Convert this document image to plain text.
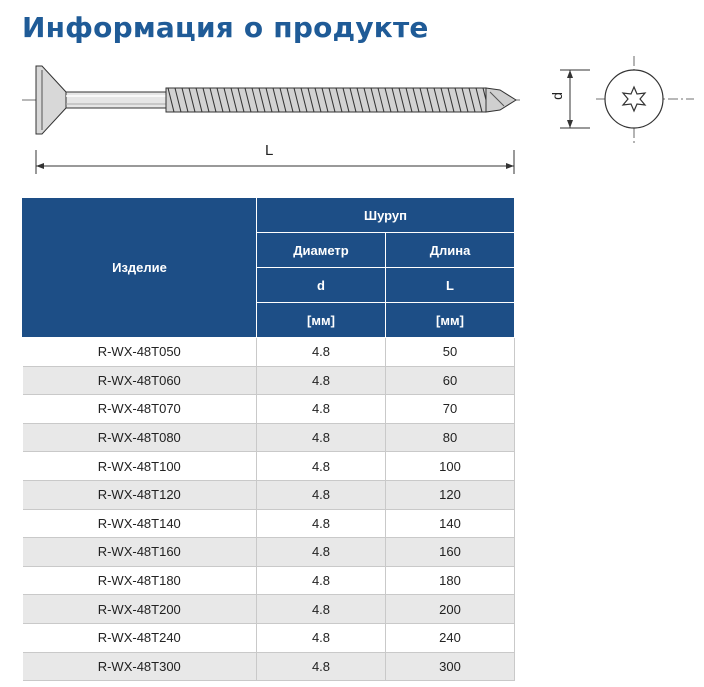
Информация о продукте
L
d
Изделие	Шуруп	
	Диаметр	Длина
	d	L
	[мм]	[мм]
R-WX-48T050	4.8	50
R-WX-48T060	4.8	60
R-WX-48T070	4.8	70
R-WX-48T080	4.8	80
R-WX-48T100	4.8	100
R-WX-48T120	4.8	120
R-WX-48T140	4.8	140
R-WX-48T160	4.8	160
R-WX-48T180	4.8	180
R-WX-48T200	4.8	200
R-WX-48T240	4.8	240
R-WX-48T300	4.8	300
